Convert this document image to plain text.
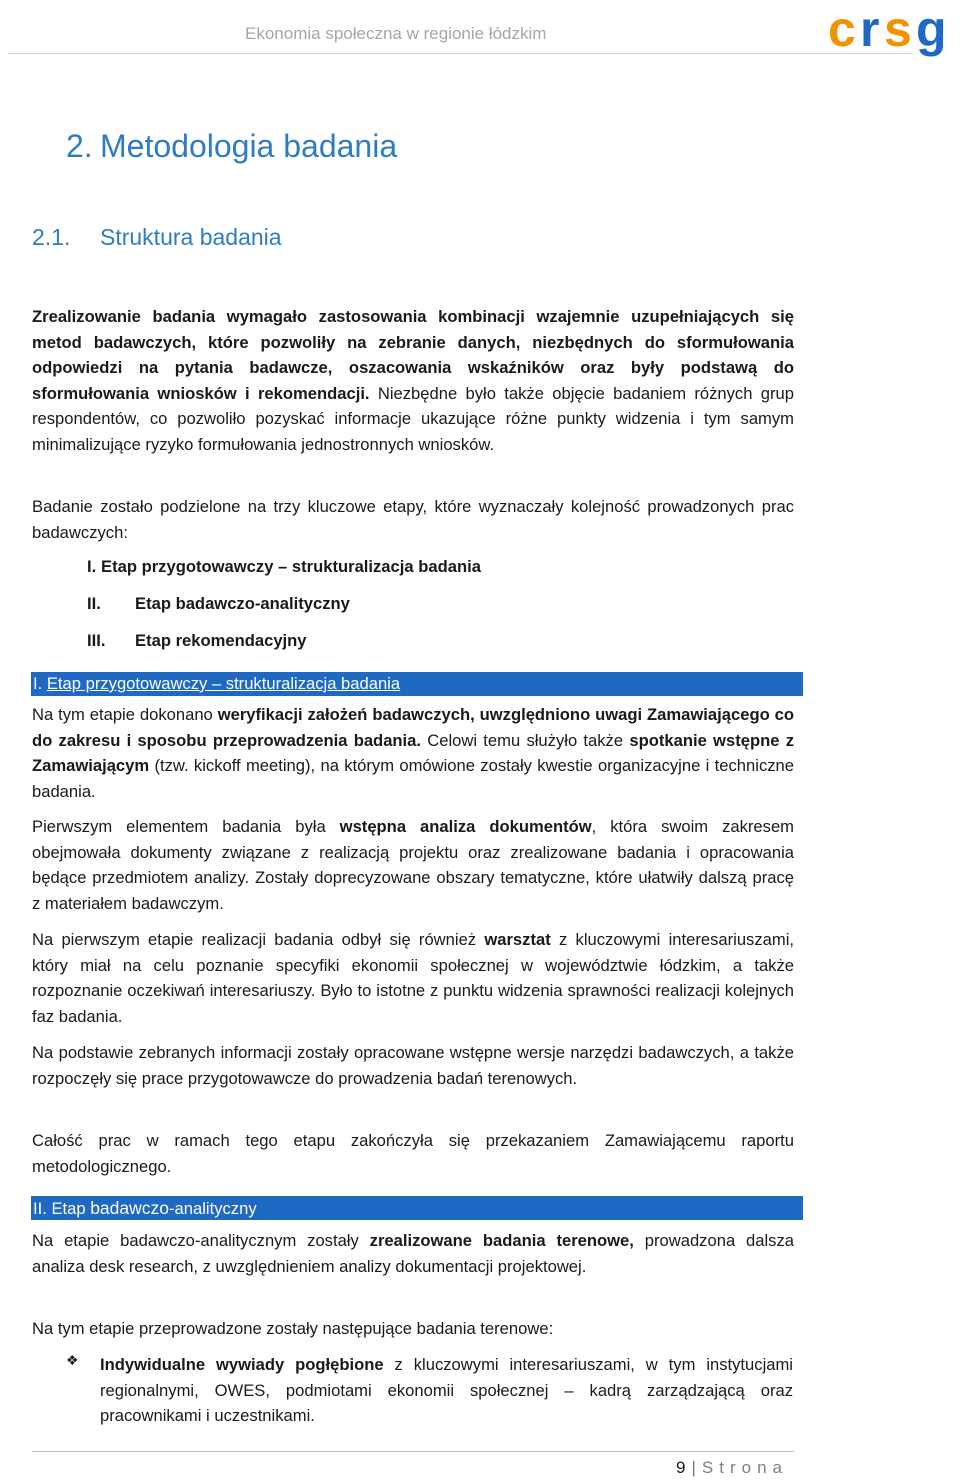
Ekonomia społeczna w regionie łódzkim	c r s g
2. Metodologia badania
2.1. Struktura badania

Zrealizowanie badania wymagało zastosowania kombinacji wzajemnie uzupełniających się metod badawczych, które pozwoliły na zebranie danych, niezbędnych do sformułowania odpowiedzi na pytania badawcze, oszacowania wskaźników oraz były podstawą do sformułowania wniosków i rekomendacji. Niezbędne było także objęcie badaniem różnych grup respondentów, co pozwoliło pozyskać informacje ukazujące różne punkty widzenia i tym samym minimalizujące ryzyko formułowania jednostronnych wniosków.

Badanie zostało podzielone na trzy kluczowe etapy, które wyznaczały kolejność prowadzonych prac badawczych:

I. Etap przygotowawczy – strukturalizacja badania
II. Etap badawczo-analityczny
III. Etap rekomendacyjny
I. Etap przygotowawczy – strukturalizacja badania

Na tym etapie dokonano weryfikacji założeń badawczych, uwzględniono uwagi Zamawiającego co do zakresu i sposobu przeprowadzenia badania. Celowi temu służyło także spotkanie wstępne z Zamawiającym (tzw. kickoff meeting), na którym omówione zostały kwestie organizacyjne i techniczne badania.

Pierwszym elementem badania była wstępna analiza dokumentów, która swoim zakresem obejmowała dokumenty związane z realizacją projektu oraz zrealizowane badania i opracowania będące przedmiotem analizy. Zostały doprecyzowane obszary tematyczne, które ułatwiły dalszą pracę z materiałem badawczym.

Na pierwszym etapie realizacji badania odbył się również warsztat z kluczowymi interesariuszami, który miał na celu poznanie specyfiki ekonomii społecznej w województwie łódzkim, a także rozpoznanie oczekiwań interesariuszy. Było to istotne z punktu widzenia sprawności realizacji kolejnych faz badania.

Na podstawie zebranych informacji zostały opracowane wstępne wersje narzędzi badawczych, a także rozpoczęły się prace przygotowawcze do prowadzenia badań terenowych.

Całość prac w ramach tego etapu zakończyła się przekazaniem Zamawiającemu raportu metodologicznego.

II. Etap badawczo-analityczny

Na etapie badawczo-analitycznym zostały zrealizowane badania terenowe, prowadzona dalsza analiza desk research, z uwzględnieniem analizy dokumentacji projektowej.

Na tym etapie przeprowadzone zostały następujące badania terenowe:

❖ Indywidualne wywiady pogłębione z kluczowymi interesariuszami, w tym instytucjami regionalnymi, OWES, podmiotami ekonomii społecznej – kadrą zarządzającą oraz pracownikami i uczestnikami.

9 | Strona
